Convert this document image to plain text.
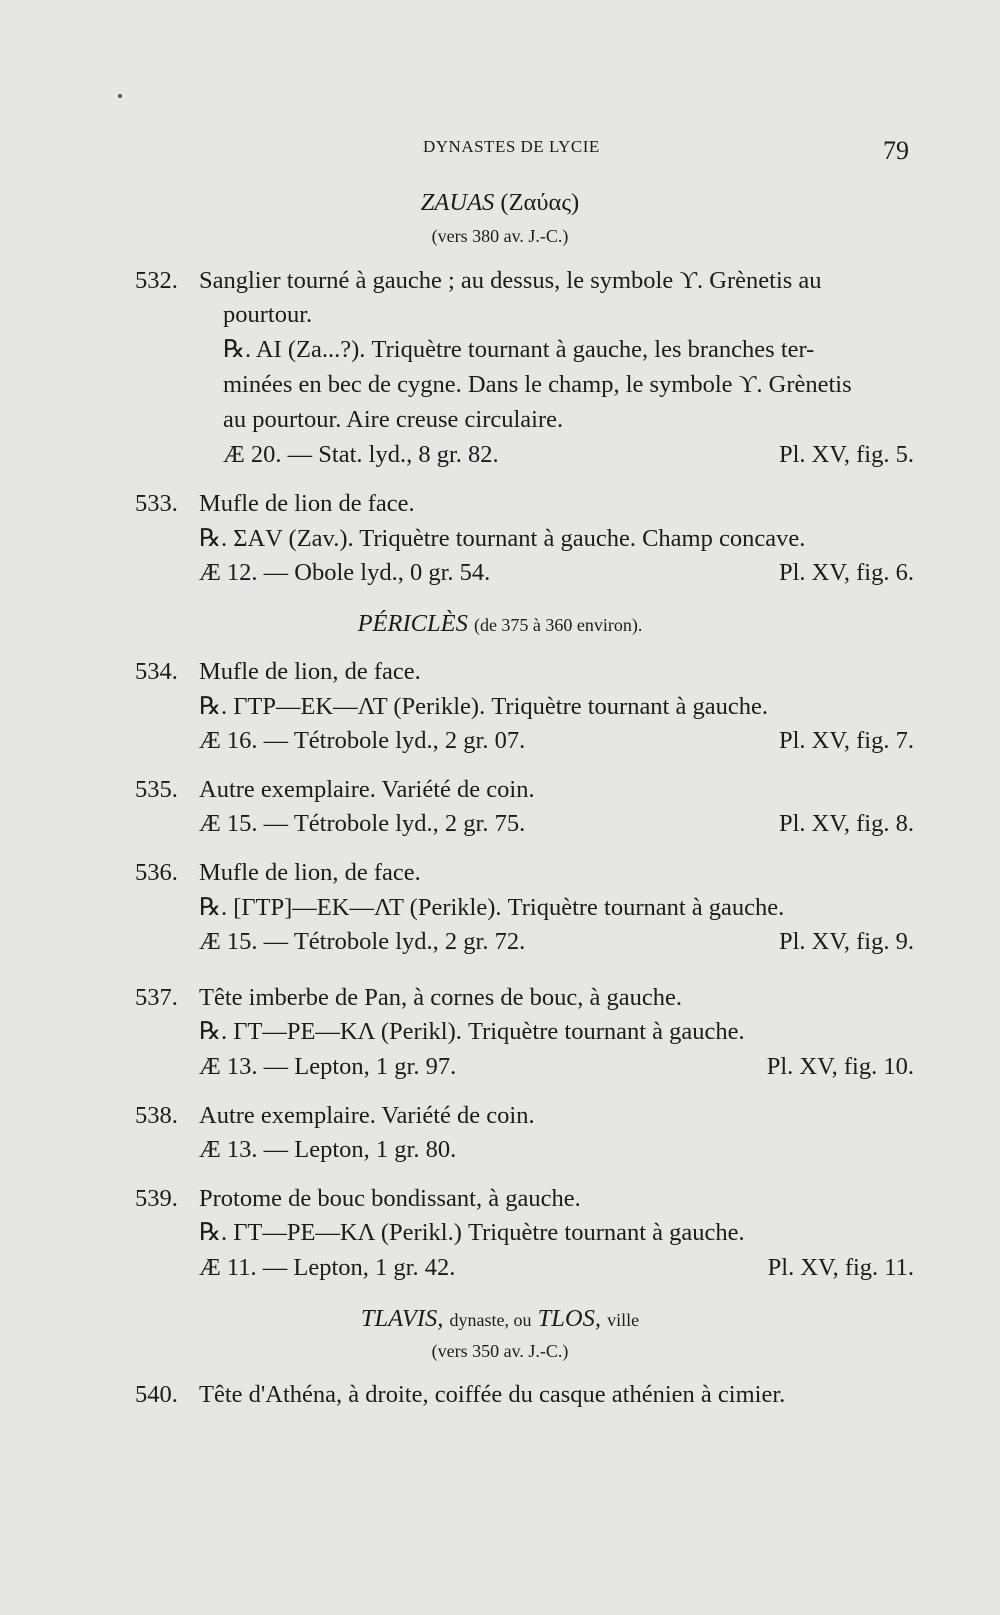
DYNASTES DE LYCIE	79
ZAUAS (Ζαύας)
(vers 380 av. J.-C.)
532. Sanglier tourné à gauche ; au dessus, le symbole ϒ. Grènetis au
pourtour.
℞. ΑΙ (Za...?). Triquètre tournant à gauche, les branches ter-
minées en bec de cygne. Dans le champ, le symbole ϒ. Grènetis
au pourtour. Aire creuse circulaire.
Æ 20. — Stat. lyd., 8 gr. 82.	Pl. XV, fig. 5.
533. Mufle de lion de face.
℞. ΣΑV (Zav.). Triquètre tournant à gauche. Champ concave.
Æ 12. — Obole lyd., 0 gr. 54.	Pl. XV, fig. 6.
PÉRICLÈS (de 375 à 360 environ).
534. Mufle de lion, de face.
℞. ΓΤΡ—ΕΚ—ΛΤ (Perikle). Triquètre tournant à gauche.
Æ 16. — Tétrobole lyd., 2 gr. 07.	Pl. XV, fig. 7.
535. Autre exemplaire. Variété de coin.
Æ 15. — Tétrobole lyd., 2 gr. 75.	Pl. XV, fig. 8.
536. Mufle de lion, de face.
℞. [ΓΤΡ]—ΕΚ—ΛΤ (Perikle). Triquètre tournant à gauche.
Æ 15. — Tétrobole lyd., 2 gr. 72.	Pl. XV, fig. 9.
537. Tête imberbe de Pan, à cornes de bouc, à gauche.
℞. ΓΤ—ΡΕ—ΚΛ (Perikl). Triquètre tournant à gauche.
Æ 13. — Lepton, 1 gr. 97.	Pl. XV, fig. 10.
538. Autre exemplaire. Variété de coin.
Æ 13. — Lepton, 1 gr. 80.
539. Protome de bouc bondissant, à gauche.
℞. ΓΤ—ΡΕ—ΚΛ (Perikl.) Triquètre tournant à gauche.
Æ 11. — Lepton, 1 gr. 42.	Pl. XV, fig. 11.
TLAVIS, dynaste, ou TLOS, ville
(vers 350 av. J.-C.)
540. Tête d'Athéna, à droite, coiffée du casque athénien à cimier.
